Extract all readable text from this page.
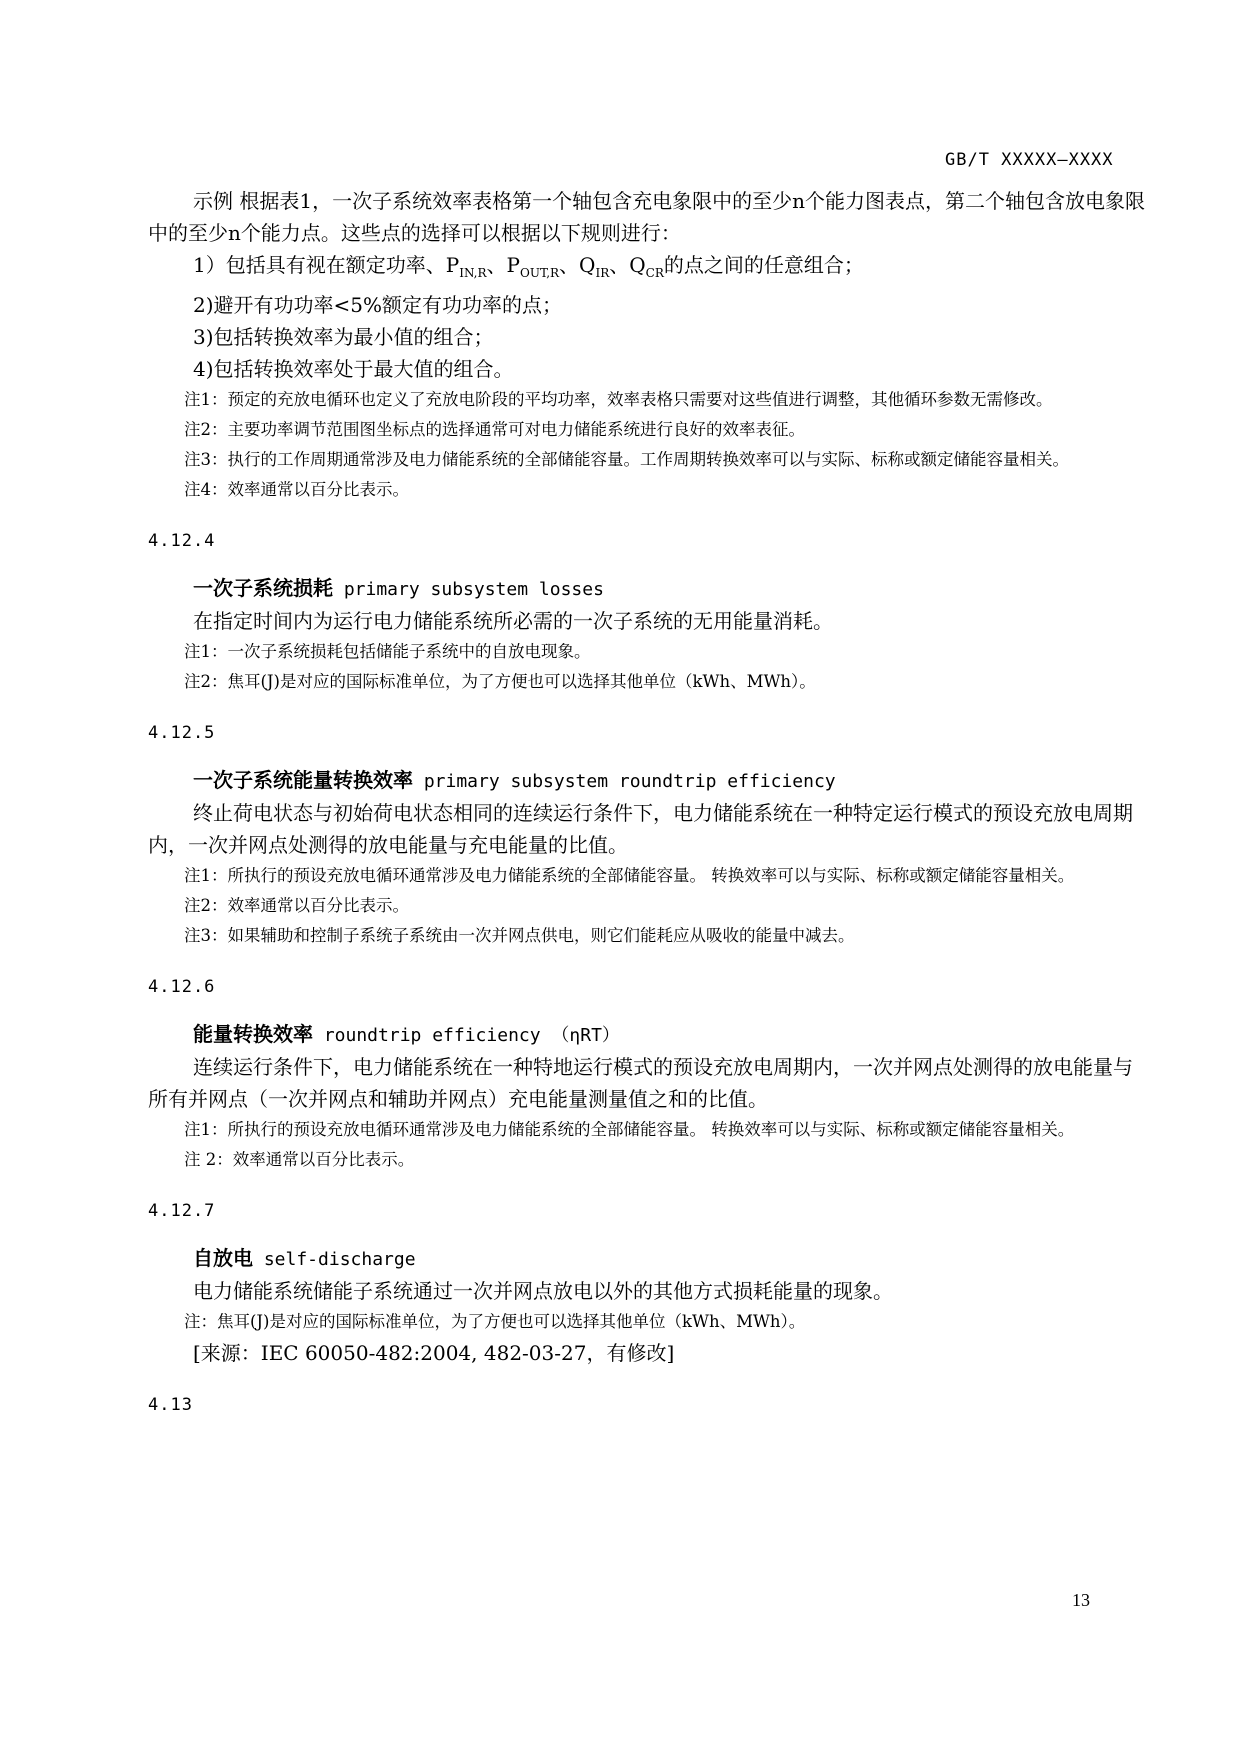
GB/T XXXXX—XXXX

示例 根据表1，一次子系统效率表格第一个轴包含充电象限中的至少n个能力图表点，第二个轴包含放电象限中的至少n个能力点。这些点的选择可以根据以下规则进行：

1）包括具有视在额定功率、$P_{IN,R}$、$P_{OUT,R}$、$Q_{IR}$、$Q_{CR}$的点之间的任意组合；

2)避开有功功率<5%额定有功功率的点；

3)包括转换效率为最小值的组合；

4)包括转换效率处于最大值的组合。

注1：预定的充放电循环也定义了充放电阶段的平均功率，效率表格只需要对这些值进行调整，其他循环参数无需修改。

注2：主要功率调节范围图坐标点的选择通常可对电力储能系统进行良好的效率表征。

注3：执行的工作周期通常涉及电力储能系统的全部储能容量。工作周期转换效率可以与实际、标称或额定储能容量相关。

注4：效率通常以百分比表示。

4.12.4

一次子系统损耗 primary subsystem losses

在指定时间内为运行电力储能系统所必需的一次子系统的无用能量消耗。

注1：一次子系统损耗包括储能子系统中的自放电现象。

注2：焦耳(J)是对应的国际标准单位，为了方便也可以选择其他单位（kWh、MWh）。

4.12.5

一次子系统能量转换效率 primary subsystem roundtrip efficiency

终止荷电状态与初始荷电状态相同的连续运行条件下，电力储能系统在一种特定运行模式的预设充放电周期内，一次并网点处测得的放电能量与充电能量的比值。

注1：所执行的预设充放电循环通常涉及电力储能系统的全部储能容量。 转换效率可以与实际、标称或额定储能容量相关。

注2：效率通常以百分比表示。

注3：如果辅助和控制子系统子系统由一次并网点供电，则它们能耗应从吸收的能量中减去。

4.12.6

能量转换效率 roundtrip efficiency （ηRT）

连续运行条件下，电力储能系统在一种特地运行模式的预设充放电周期内，一次并网点处测得的放电能量与所有并网点（一次并网点和辅助并网点）充电能量测量值之和的比值。

注1：所执行的预设充放电循环通常涉及电力储能系统的全部储能容量。 转换效率可以与实际、标称或额定储能容量相关。

注 2：效率通常以百分比表示。

4.12.7

自放电 self-discharge

电力储能系统储能子系统通过一次并网点放电以外的其他方式损耗能量的现象。

注：焦耳(J)是对应的国际标准单位，为了方便也可以选择其他单位（kWh、MWh）。

[来源：IEC 60050-482:2004, 482-03-27，有修改]

4.13

13
